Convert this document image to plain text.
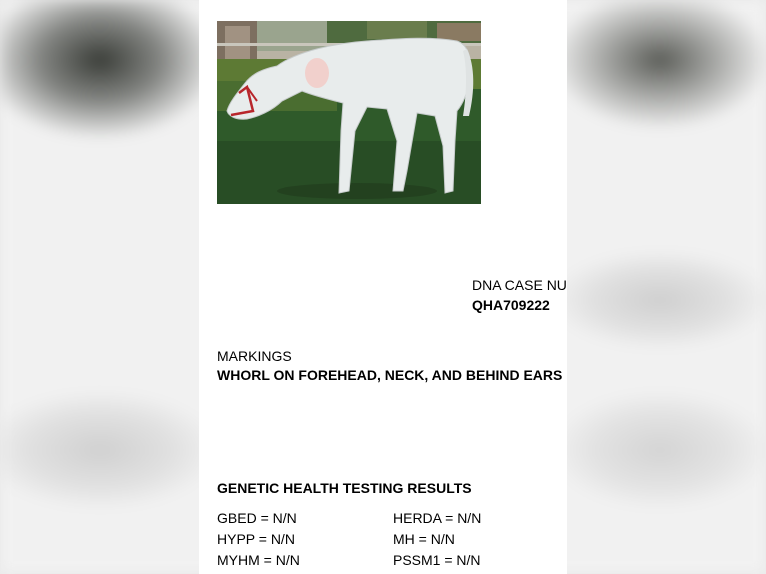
DNA CASE NU
QHA709222
MARKINGS
WHORL ON FOREHEAD, NECK, AND BEHIND EARS
GENETIC HEALTH TESTING RESULTS
GBED = N/N
HYPP = N/N
MYHM = N/N
HERDA = N/N
MH = N/N
PSSM1 = N/N
